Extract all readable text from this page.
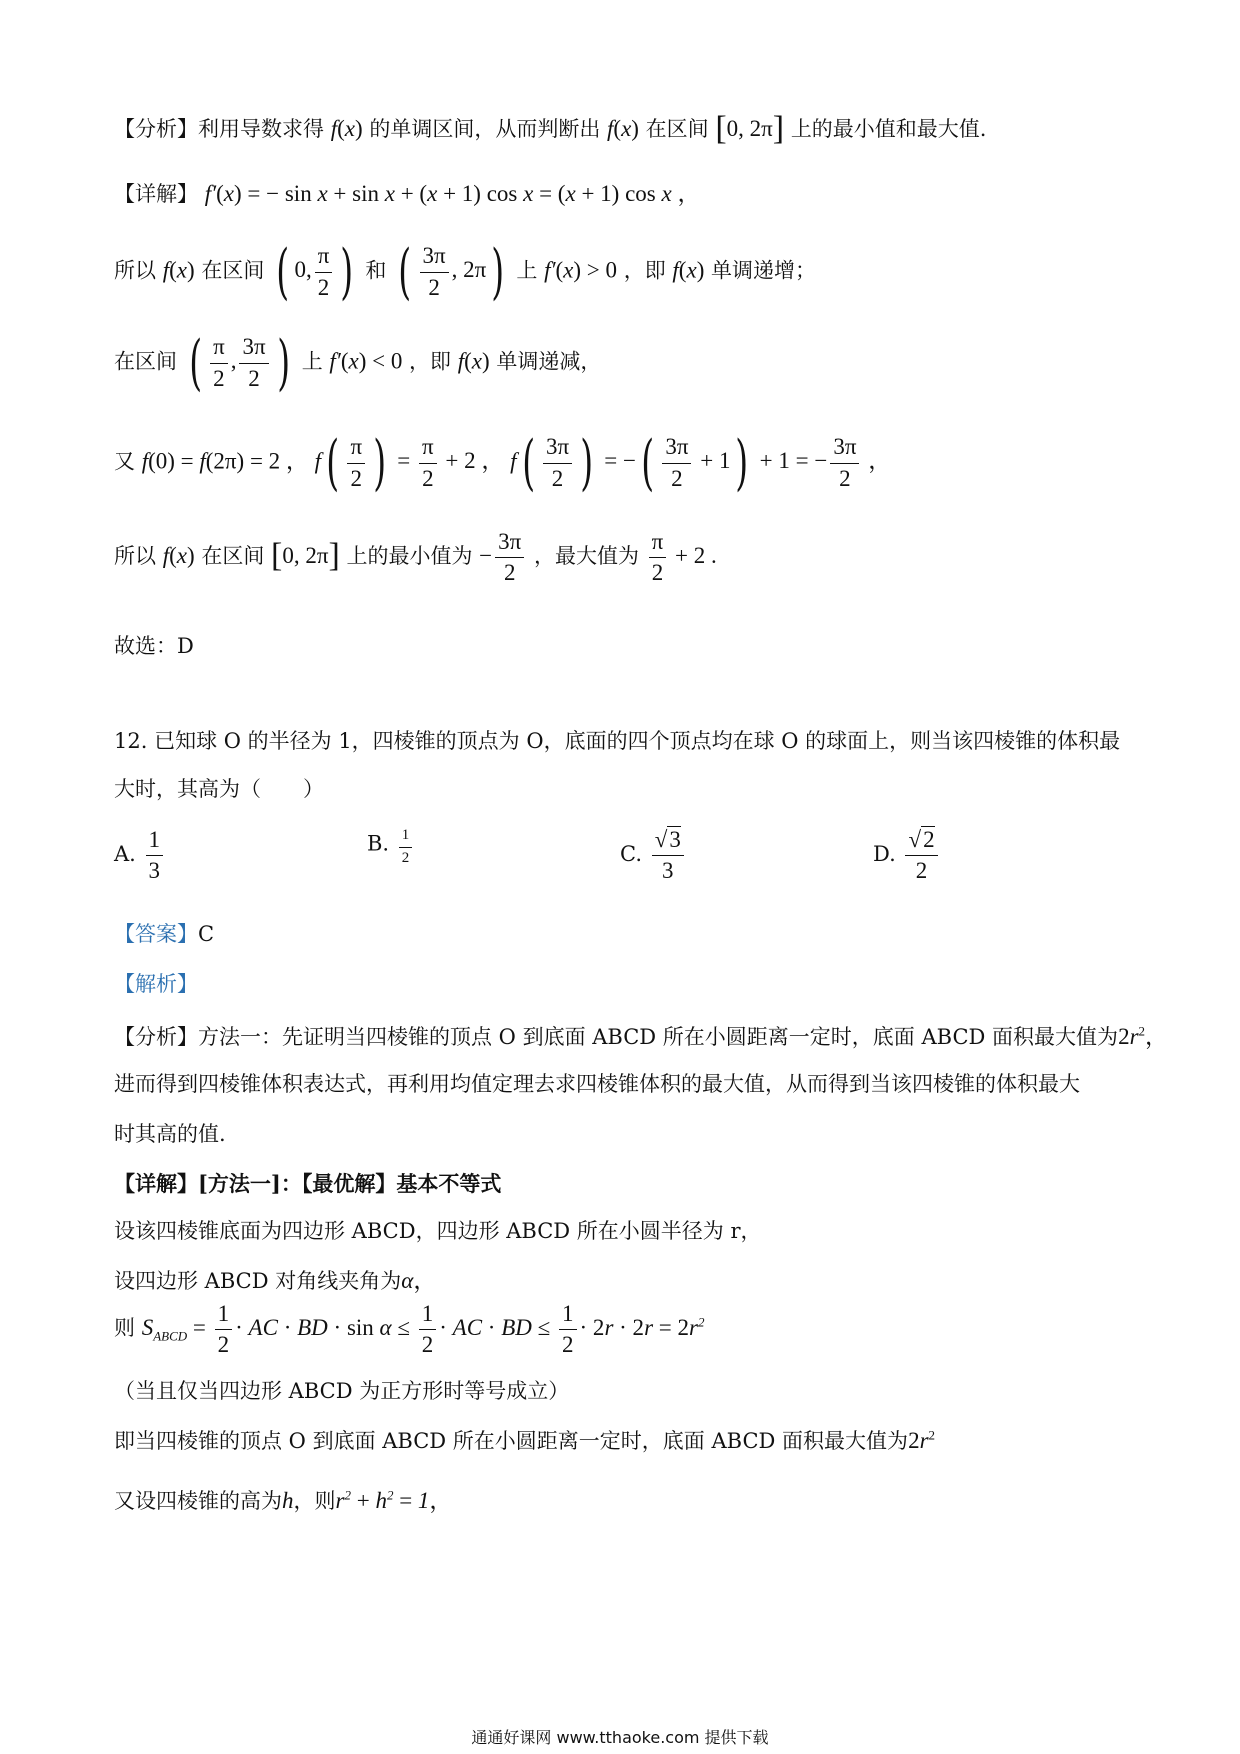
【分析】利用导数求得 f(x) 的单调区间，从而判断出 f(x) 在区间 [0, 2π] 上的最小值和最大值.
【详解】 f′(x) = − sin x + sin x + (x + 1) cos x = (x + 1) cos x ，
所以 f(x) 在区间 ( 0, $\frac{\pi}{2}$ ) 和 ( $\frac{3\pi}{2}$ , 2π) 上 f′(x) > 0 ，即 f(x) 单调递增；
在区间 ( $\frac{\pi}{2}$ , $\frac{3\pi}{2}$ ) 上 f′(x) < 0 ，即 f(x) 单调递减，
又 f(0) = f(2π) = 2 ， $f( \frac{\pi}{2}$ ) = $\frac{\pi}{2} + 2$ ， $f( \frac{3\pi}{2}$ ) = −( $\frac{3\pi}{2} + 1) + 1$ = − $\frac{3\pi}{2}$ ，
所以 f(x) 在区间 [0, 2π] 上的最小值为 − $\frac{3\pi}{2}$ ，最大值为 $\frac{\pi}{2} + 2$ .
故选：D
12. 已知球 O 的半径为 1，四棱锥的顶点为 O，底面的四个顶点均在球 O 的球面上，则当该四棱锥的体积最
大时，其高为（　　）
A. $\frac{1}{3}$	B. $\frac{1}{2}$	C. $\frac{√3}{3}$	D. $\frac{√2}{2}$
【答案】C
【解析】
【分析】方法一：先证明当四棱锥的顶点 O 到底面 ABCD 所在小圆距离一定时，底面 ABCD 面积最大值为$2r^2$，
进而得到四棱锥体积表达式，再利用均值定理去求四棱锥体积的最大值，从而得到当该四棱锥的体积最大
时其高的值.
【详解】[方法一]：【最优解】基本不等式
设该四棱锥底面为四边形 ABCD，四边形 ABCD 所在小圆半径为 r，
设四边形 ABCD 对角线夹角为α，
则 $S_{ABCD} = \frac{1}{2}$ · AC · BD · $\sin \alpha \le \frac{1}{2}$ · AC · BD ≤ $\frac{1}{2} \cdot 2r \cdot 2r = 2r^2$
（当且仅当四边形 ABCD 为正方形时等号成立）
即当四棱锥的顶点 O 到底面 ABCD 所在小圆距离一定时，底面 ABCD 面积最大值为$2r^2$
又设四棱锥的高为h，则$r^2 + h^2 = 1$，
通通好课网 www.tthaoke.com 提供下载
